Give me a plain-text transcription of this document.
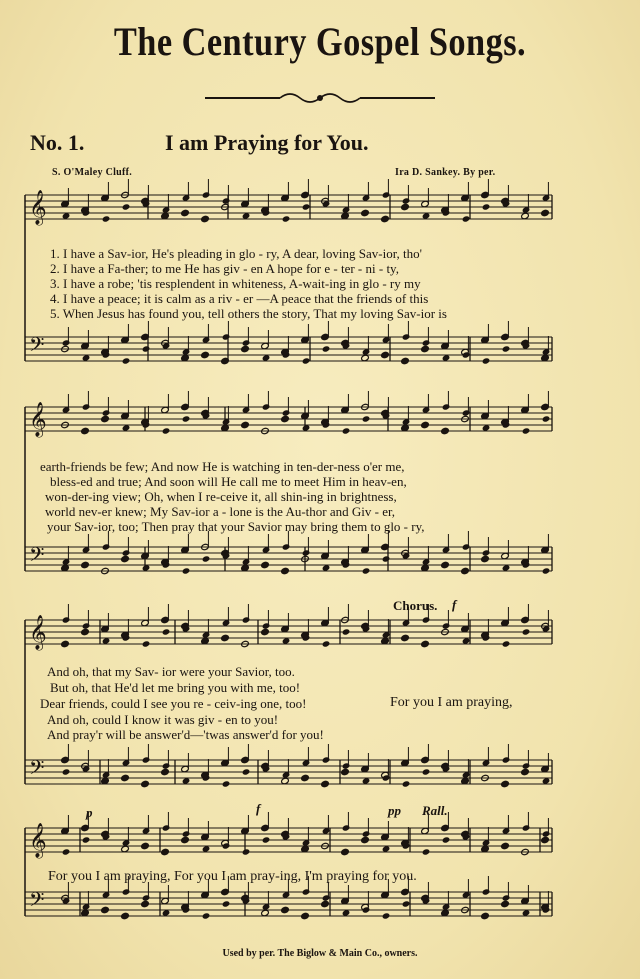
The Century Gospel Songs.
No. 1.	I am Praying for You.
S. O'Maley Cluff.	Ira D. Sankey. By per.
𝄞
𝄢
𝄞
𝄢
𝄞
𝄢
𝄞
𝄢
1. I have a Sav-ior, He's pleading in glo - ry, A dear, loving Sav-ior, tho'
2. I have a Fa-ther; to me He has giv - en A hope for e - ter - ni - ty,
3. I have a robe; 'tis resplendent in whiteness, A-wait-ing in glo - ry my
4. I have a peace; it is calm as a riv - er —A peace that the friends of this
5. When Jesus has found you, tell others the story, That my loving Sav-ior is
earth-friends be few; And now He is watching in ten-der-ness o'er me,
bless-ed and true; And soon will He call me to meet Him in heav-en,
won-der-ing view; Oh, when I re-ceive it, all shin-ing in brightness,
world nev-er knew; My Sav-ior a - lone is the Au-thor and Giv - er,
your Sav-ior, too; Then pray that your Savior may bring them to glo - ry,
And oh, that my Sav- ior were your Savior, too.
But oh, that He'd let me bring you with me, too!
Dear friends, could I see you re - ceiv-ing one, too!
And oh, could I know it was giv - en to you!
And pray'r will be answer'd—'twas answer'd for you!
For you I am praying,
Chorus. f
p	f	pp Rall.
For you I am praying, For you I am pray-ing, I'm praying for you.
Used by per. The Biglow & Main Co., owners.
